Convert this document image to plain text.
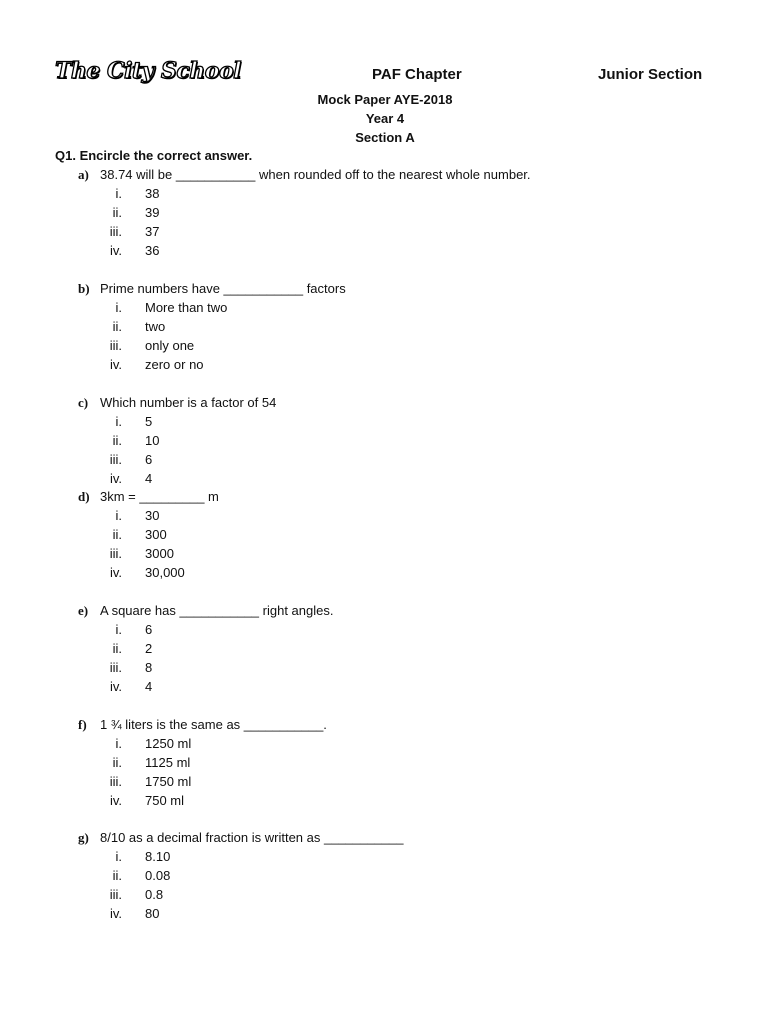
The City School	PAF Chapter	Junior Section
Mock Paper AYE-2018
Year 4
Section A
Q1. Encircle the correct answer.
a) 38.74 will be ___________ when rounded off to the nearest whole number.
i. 38
ii. 39
iii. 37
iv. 36
b) Prime numbers have ___________ factors
i. More than two
ii. two
iii. only one
iv. zero or no
c) Which number is a factor of 54
i. 5
ii. 10
iii. 6
iv. 4
d) 3km = _________ m
i. 30
ii. 300
iii. 3000
iv. 30,000
e) A square has ___________ right angles.
i. 6
ii. 2
iii. 8
iv. 4
f) 1 ¾ liters is the same as ___________.
i. 1250 ml
ii. 1125 ml
iii. 1750 ml
iv. 750 ml
g) 8/10 as a decimal fraction is written as ___________
i. 8.10
ii. 0.08
iii. 0.8
iv. 80
